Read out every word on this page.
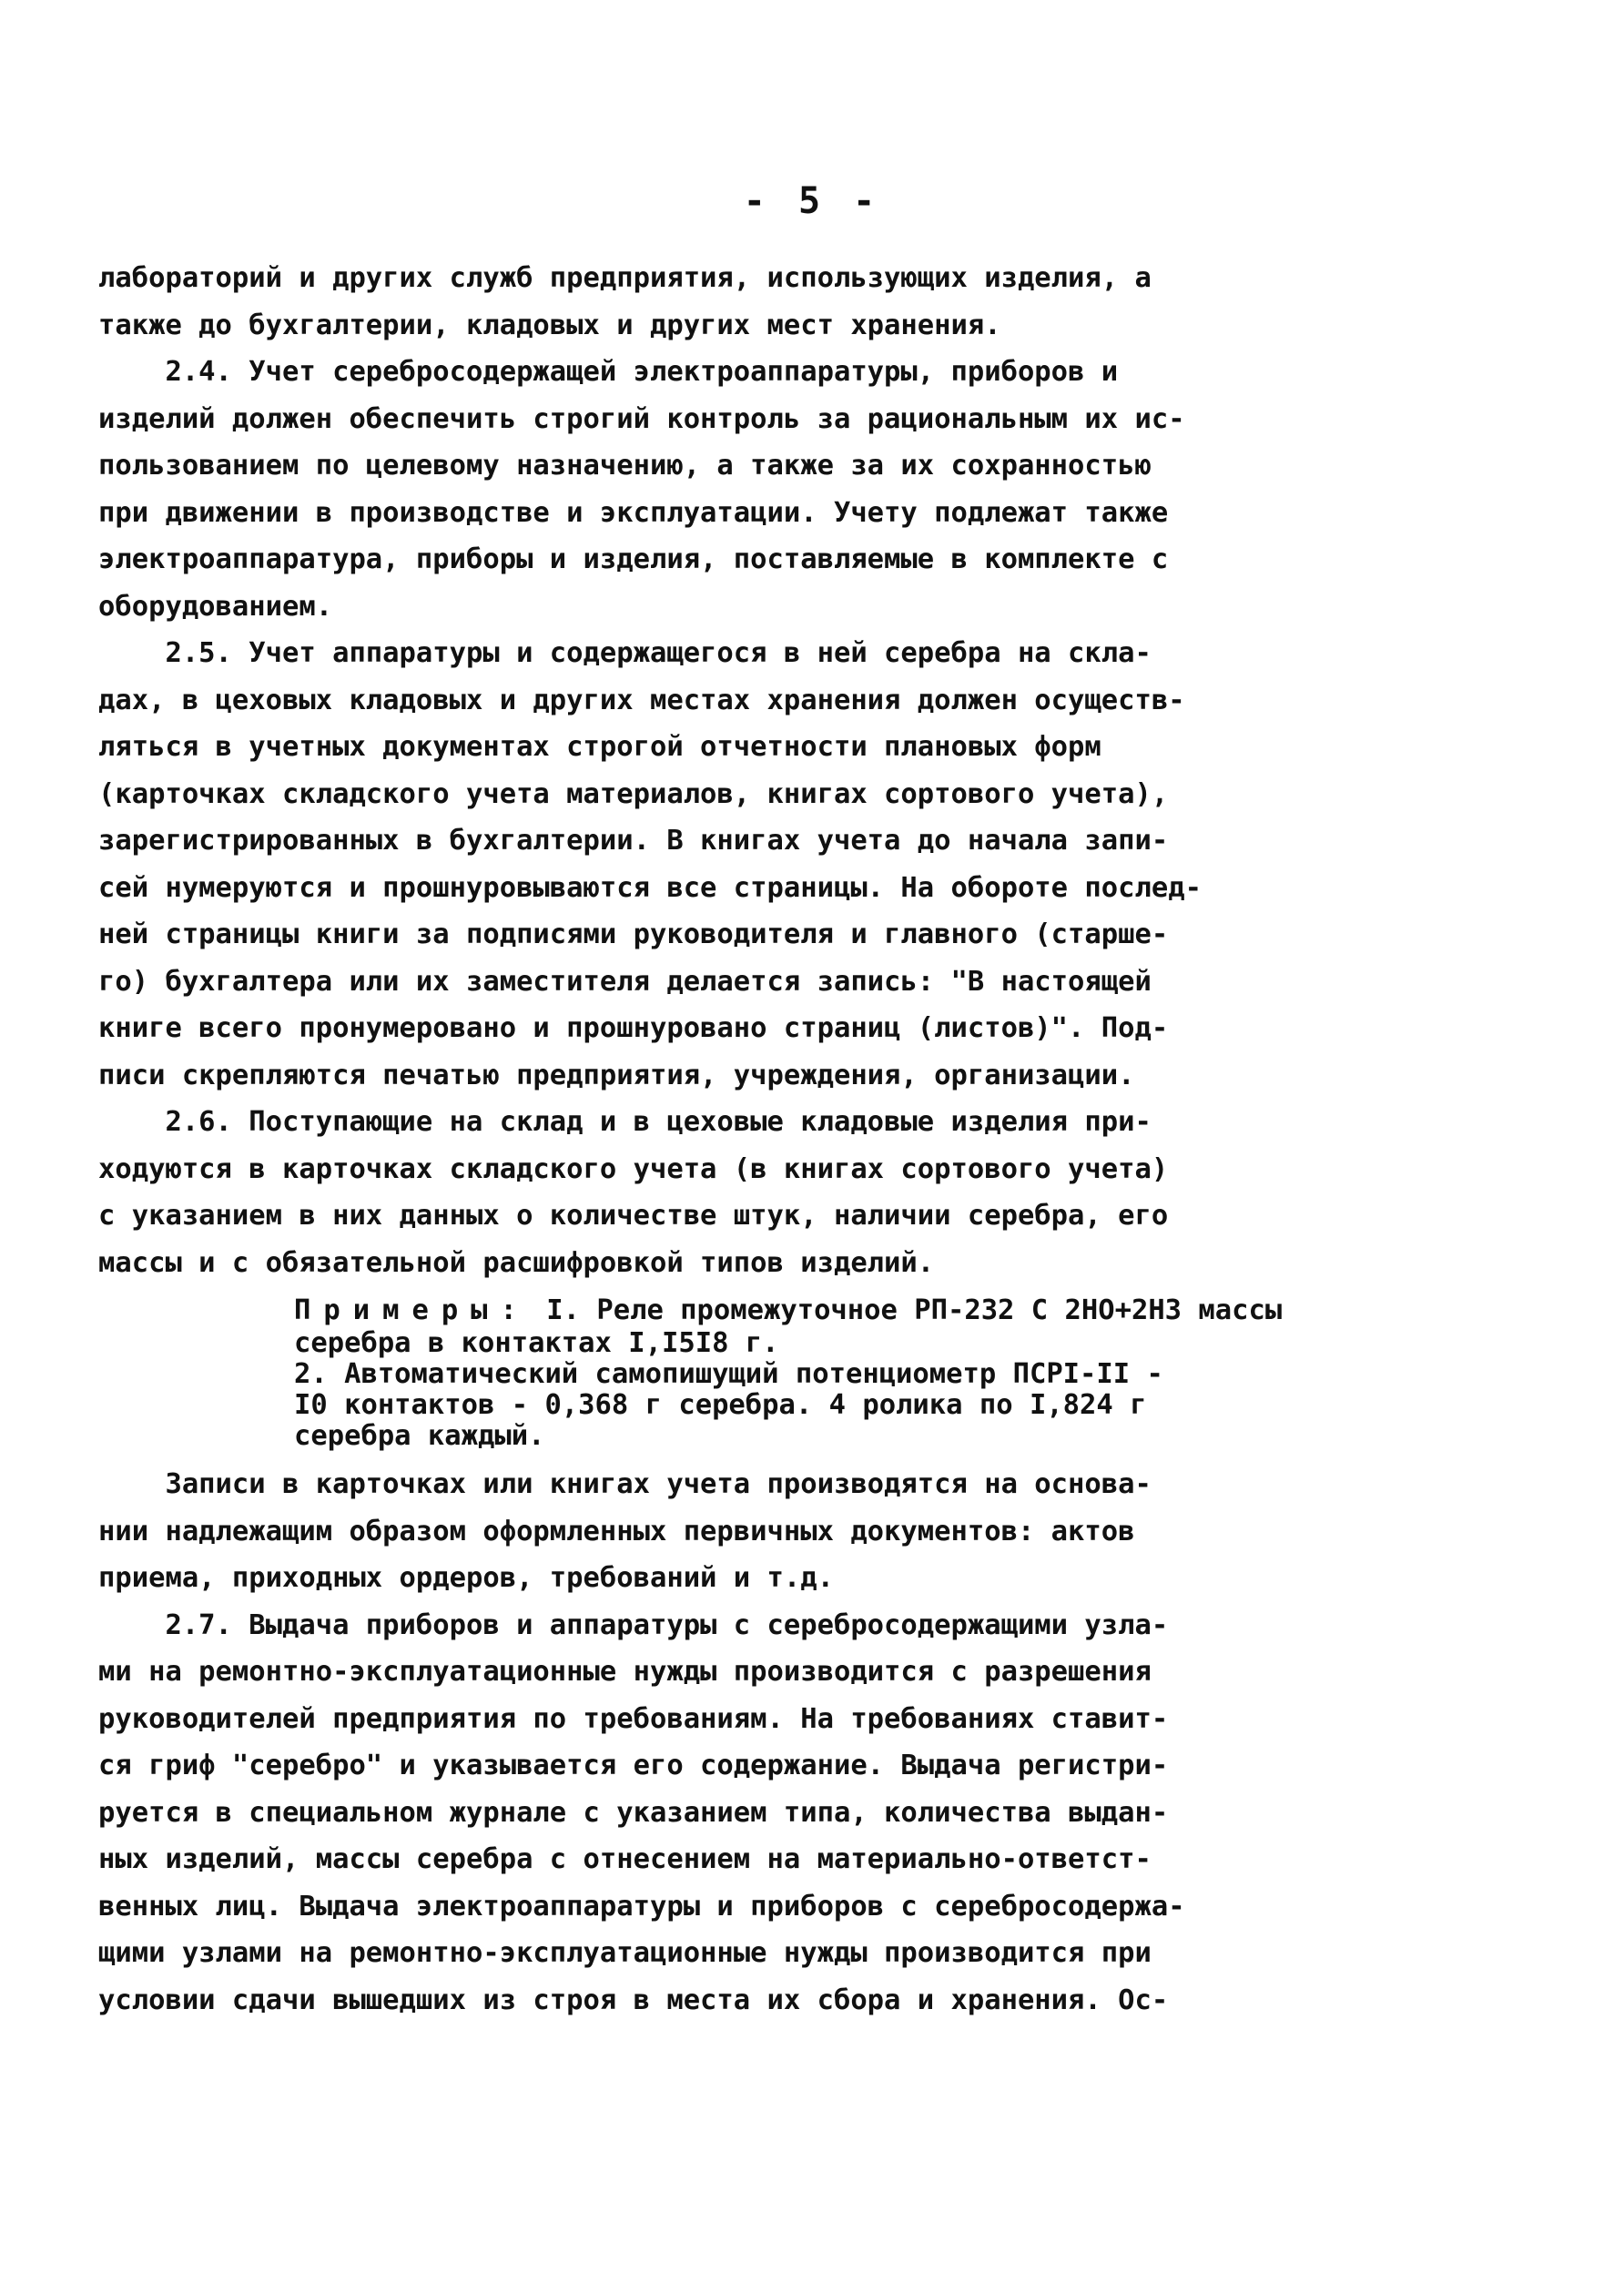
- 5 -
лабораторий и других служб предприятия, использующих изделия, а
также до бухгалтерии, кладовых и других мест хранения.
2.4. Учет серебросодержащей электроаппаратуры, приборов и
изделий должен обеспечить строгий контроль за рациональным их ис-
пользованием по целевому назначению, а также за их сохранностью
при движении в производстве и эксплуатации. Учету подлежат также
электроаппаратура, приборы и изделия, поставляемые в комплекте с
оборудованием.
2.5. Учет аппаратуры и содержащегося в ней серебра на скла-
дах, в цеховых кладовых и других местах хранения должен осуществ-
ляться в учетных документах строгой отчетности плановых форм
(карточках складского учета материалов, книгах сортового учета),
зарегистрированных в бухгалтерии. В книгах учета до начала запи-
сей нумеруются и прошнуровываются все страницы. На обороте послед-
ней страницы книги за подписями руководителя и главного (старше-
го) бухгалтера или их заместителя делается запись: "В настоящей
книге всего пронумеровано и прошнуровано страниц (листов)". Под-
писи скрепляются печатью предприятия, учреждения, организации.
2.6. Поступающие на склад и в цеховые кладовые изделия при-
ходуются в карточках складского учета (в книгах сортового учета)
с указанием в них данных о количестве штук, наличии серебра, его
массы и с обязательной расшифровкой типов изделий.
Примеры: I. Реле промежуточное РП-232 С 2НО+2НЗ массы
серебра в контактах I,I5I8 г.
2. Автоматический самопишущий потенциометр ПСРI-II -
I0 контактов - 0,368 г серебра. 4 ролика по I,824 г
серебра каждый.
Записи в карточках или книгах учета производятся на основа-
нии надлежащим образом оформленных первичных документов: актов
приема, приходных ордеров, требований и т.д.
2.7. Выдача приборов и аппаратуры с серебросодержащими узла-
ми на ремонтно-эксплуатационные нужды производится с разрешения
руководителей предприятия по требованиям. На требованиях ставит-
ся гриф "серебро" и указывается его содержание. Выдача регистри-
руется в специальном журнале с указанием типа, количества выдан-
ных изделий, массы серебра с отнесением на материально-ответст-
венных лиц. Выдача электроаппаратуры и приборов с серебросодержа-
щими узлами на ремонтно-эксплуатационные нужды производится при
условии сдачи вышедших из строя в места их сбора и хранения. Ос-
